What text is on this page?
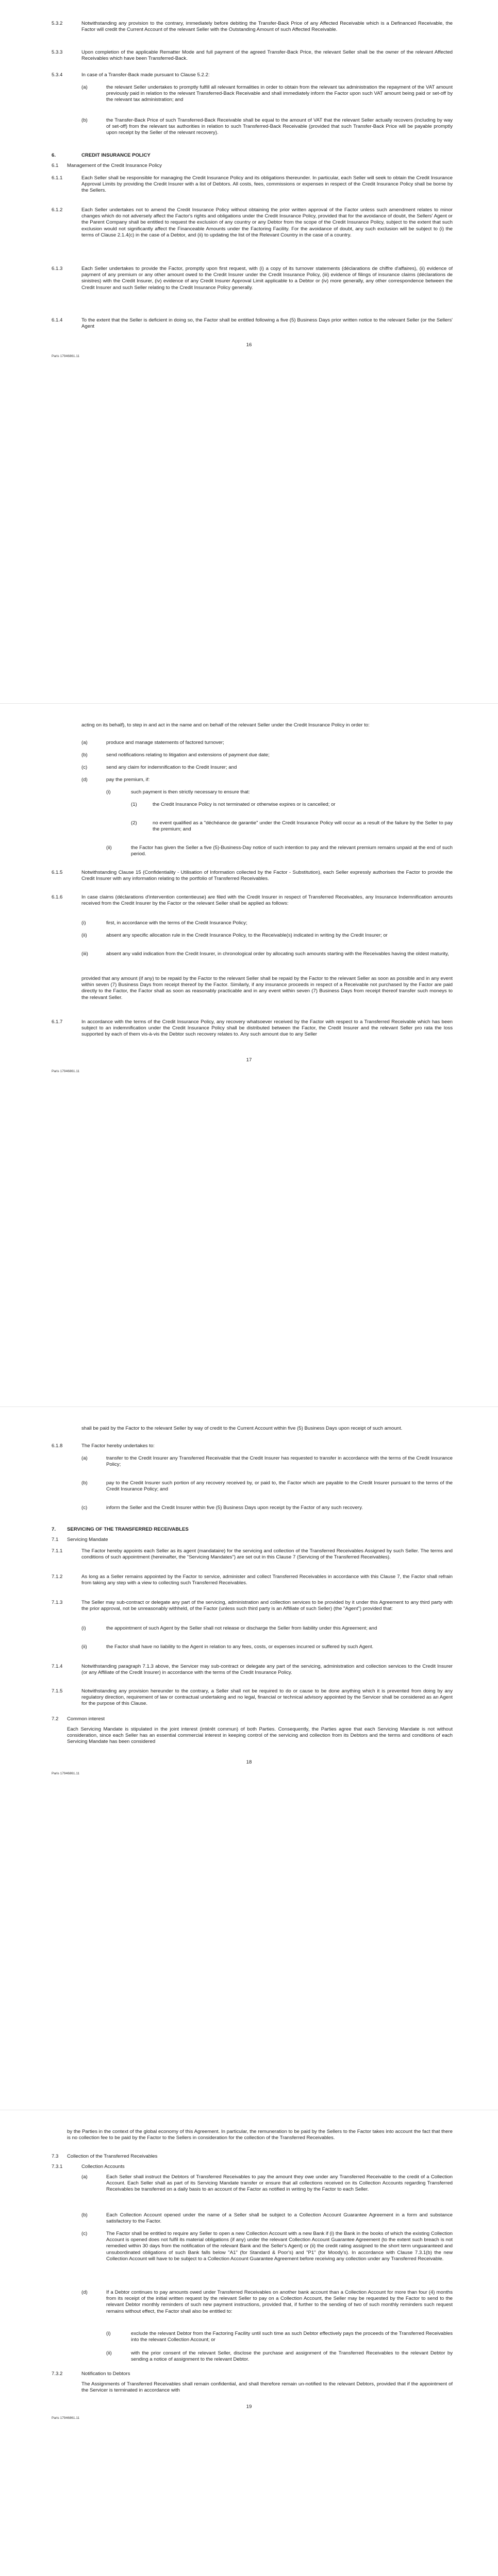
5.3.2	Notwithstanding any provision to the contrary, immediately before debiting the Transfer-Back Price of any Affected Receivable which is a Definanced Receivable, the Factor will credit the Current Account of the relevant Seller with the Outstanding Amount of such Affected Receivable.
5.3.3	Upon completion of the applicable Rematter Mode and full payment of the agreed Transfer-Back Price, the relevant Seller shall be the owner of the relevant Affected Receivables which have been Transferred-Back.
5.3.4	In case of a Transfer-Back made pursuant to Clause 5.2.2:
(a)	the relevant Seller undertakes to promptly fulfill all relevant formalities in order to obtain from the relevant tax administration the repayment of the VAT amount previously paid in relation to the relevant Transferred-Back Receivable and shall immediately inform the Factor upon such VAT amount being paid or set-off by the relevant tax administration; and
(b)	the Transfer-Back Price of such Transferred-Back Receivable shall be equal to the amount of VAT that the relevant Seller actually recovers (including by way of set-off) from the relevant tax authorities in relation to such Transferred-Back Receivable (provided that such Transfer-Back Price will be payable promptly upon receipt by the Seller of the relevant recovery).
6.	CREDIT INSURANCE POLICY
6.1 Management of the Credit Insurance Policy
6.1.1	Each Seller shall be responsible for managing the Credit Insurance Policy and its obligations thereunder. In particular, each Seller will seek to obtain the Credit Insurance Approval Limits by providing the Credit Insurer with a list of Debtors. All costs, fees, commissions or expenses in respect of the Credit Insurance Policy shall be borne by the Sellers.
6.1.2	Each Seller undertakes not to amend the Credit Insurance Policy without obtaining the prior written approval of the Factor unless such amendment relates to minor changes which do not adversely affect the Factor's rights and obligations under the Credit Insurance Policy, provided that for the avoidance of doubt, the Sellers' Agent or the Parent Company shall be entitled to request the exclusion of any country or any Debtor from the scope of the Credit Insurance Policy, subject to the extent that such exclusion would not significantly affect the Financeable Amounts under the Factoring Facility. For the avoidance of doubt, any such exclusion will be subject to (i) the terms of Clause 2.1.4(c) in the case of a Debtor, and (ii) to updating the list of the Relevant Country in the case of a country.
6.1.3	Each Seller undertakes to provide the Factor, promptly upon first request, with (i) a copy of its turnover statements (déclarations de chiffre d'affaires), (ii) evidence of payment of any premium or any other amount owed to the Credit Insurer under the Credit Insurance Policy, (iii) evidence of filings of insurance claims (déclarations de sinistres) with the Credit Insurer, (iv) evidence of any Credit Insurer Approval Limit applicable to a Debtor or (iv) more generally, any other correspondence between the Credit Insurer and such Seller relating to the Credit Insurance Policy generally.
6.1.4	To the extent that the Seller is deficient in doing so, the Factor shall be entitled following a five (5) Business Days prior written notice to the relevant Seller (or the Sellers' Agent
16
Paris 17946861.11
acting on its behalf), to step in and act in the name and on behalf of the relevant Seller under the Credit Insurance Policy in order to:
(a)	produce and manage statements of factored turnover;
(b)	send notifications relating to litigation and extensions of payment due date;
(c)	send any claim for indemnification to the Credit Insurer; and
(d)	pay the premium, if:
(i)	such payment is then strictly necessary to ensure that:
(1)	the Credit Insurance Policy is not terminated or otherwise expires or is cancelled; or
(2)	no event qualified as a "déchéance de garantie" under the Credit Insurance Policy will occur as a result of the failure by the Seller to pay the premium; and
(ii)	the Factor has given the Seller a five (5)-Business-Day notice of such intention to pay and the relevant premium remains unpaid at the end of such period.
6.1.5	Notwithstanding Clause 15 (Confidentiality - Utilisation of Information collected by the Factor - Substitution), each Seller expressly authorises the Factor to provide the Credit Insurer with any information relating to the portfolio of Transferred Receivables.
6.1.6	In case claims (déclarations d'intervention contentieuse) are filed with the Credit Insurer in respect of Transferred Receivables, any Insurance Indemnification amounts received from the Credit Insurer by the Factor or the relevant Seller shall be applied as follows:
(i)	first, in accordance with the terms of the Credit Insurance Policy;
(ii)	absent any specific allocation rule in the Credit Insurance Policy, to the Receivable(s) indicated in writing by the Credit Insurer; or
(iii)	absent any valid indication from the Credit Insurer, in chronological order by allocating such amounts starting with the Receivables having the oldest maturity,
provided that any amount (if any) to be repaid by the Factor to the relevant Seller shall be repaid by the Factor to the relevant Seller as soon as possible and in any event within seven (7) Business Days from receipt thereof by the Factor. Similarly, if any insurance proceeds in respect of a Receivable not purchased by the Factor are paid directly to the Factor, the Factor shall as soon as reasonably practicable and in any event within seven (7) Business Days from receipt thereof transfer such moneys to the relevant Seller.
6.1.7	In accordance with the terms of the Credit Insurance Policy, any recovery whatsoever received by the Factor with respect to a Transferred Receivable which has been subject to an indemnification under the Credit Insurance Policy shall be distributed between the Factor, the Credit Insurer and the relevant Seller pro rata the loss supported by each of them vis-à-vis the Debtor such recovery relates to. Any such amount due to any Seller
17
Paris 17946861.11
shall be paid by the Factor to the relevant Seller by way of credit to the Current Account within five (5) Business Days upon receipt of such amount.
6.1.8	The Factor hereby undertakes to:
(a)	transfer to the Credit Insurer any Transferred Receivable that the Credit Insurer has requested to transfer in accordance with the terms of the Credit Insurance Policy;
(b)	pay to the Credit Insurer such portion of any recovery received by, or paid to, the Factor which are payable to the Credit Insurer pursuant to the terms of the Credit Insurance Policy; and
(c)	inform the Seller and the Credit Insurer within five (5) Business Days upon receipt by the Factor of any such recovery.
7. SERVICING OF THE TRANSFERRED RECEIVABLES
7.1 Servicing Mandate
7.1.1	The Factor hereby appoints each Seller as its agent (mandataire) for the servicing and collection of the Transferred Receivables Assigned by such Seller. The terms and conditions of such appointment (hereinafter, the "Servicing Mandates") are set out in this Clause 7 (Servicing of the Transferred Receivables).
7.1.2	As long as a Seller remains appointed by the Factor to service, administer and collect Transferred Receivables in accordance with this Clause 7, the Factor shall refrain from taking any step with a view to collecting such Transferred Receivables.
7.1.3	The Seller may sub-contract or delegate any part of the servicing, administration and collection services to be provided by it under this Agreement to any third party with the prior approval, not be unreasonably withheld, of the Factor (unless such third party is an Affiliate of such Seller) (the "Agent") provided that:
(i)	the appointment of such Agent by the Seller shall not release or discharge the Seller from liability under this Agreement; and
(ii)	the Factor shall have no liability to the Agent in relation to any fees, costs, or expenses incurred or suffered by such Agent.
7.1.4	Notwithstanding paragraph 7.1.3 above, the Servicer may sub-contract or delegate any part of the servicing, administration and collection services to the Credit Insurer (or any Affiliate of the Credit Insurer) in accordance with the terms of the Credit Insurance Policy.
7.1.5	Notwithstanding any provision hereunder to the contrary, a Seller shall not be required to do or cause to be done anything which it is prevented from doing by any regulatory direction, requirement of law or contractual undertaking and no legal, financial or technical advisory appointed by the Servicer shall be considered as an Agent for the purpose of this Clause.
7.2 Common interest
Each Servicing Mandate is stipulated in the joint interest (intérêt commun) of both Parties. Consequently, the Parties agree that each Servicing Mandate is not without consideration, since each Seller has an essential commercial interest in keeping control of the servicing and collection from its Debtors and the terms and conditions of each Servicing Mandate has been considered
18
Paris 17946861.11
by the Parties in the context of the global economy of this Agreement. In particular, the remuneration to be paid by the Sellers to the Factor takes into account the fact that there is no collection fee to be paid by the Factor to the Sellers in consideration for the collection of the Transferred Receivables.
7.3 Collection of the Transferred Receivables
7.3.1	Collection Accounts
(a)	Each Seller shall instruct the Debtors of Transferred Receivables to pay the amount they owe under any Transferred Receivable to the credit of a Collection Account. Each Seller shall as part of its Servicing Mandate transfer or ensure that all collections received on its Collection Accounts regarding Transferred Receivables be transferred on a daily basis to an account of the Factor as notified in writing by the Factor to each Seller.
(b)	Each Collection Account opened under the name of a Seller shall be subject to a Collection Account Guarantee Agreement in a form and substance satisfactory to the Factor.
(c)	The Factor shall be entitled to require any Seller to open a new Collection Account with a new Bank if (i) the Bank in the books of which the existing Collection Account is opened does not fulfil its material obligations (if any) under the relevant Collection Account Guarantee Agreement (to the extent such breach is not remedied within 30 days from the notification of the relevant Bank and the Seller's Agent) or (ii) the credit rating assigned to the short term unguaranteed and unsubordinated obligations of such Bank falls below "A1" (for Standard & Poor's) and "P1" (for Moody's). In accordance with Clause 7.3.1(b) the new Collection Account will have to be subject to a Collection Account Guarantee Agreement before receiving any collection under any Transferred Receivable.
(d)	If a Debtor continues to pay amounts owed under Transferred Receivables on another bank account than a Collection Account for more than four (4) months from its receipt of the initial written request by the relevant Seller to pay on a Collection Account, the Seller may be requested by the Factor to send to the relevant Debtor monthly reminders of such new payment instructions, provided that, if further to the sending of two of such monthly reminders such request remains without effect, the Factor shall also be entitled to:
(i)	exclude the relevant Debtor from the Factoring Facility until such time as such Debtor effectively pays the proceeds of the Transferred Receivables into the relevant Collection Account; or
(ii)	with the prior consent of the relevant Seller, disclose the purchase and assignment of the Transferred Receivables to the relevant Debtor by sending a notice of assignment to the relevant Debtor.
7.3.2	Notification to Debtors
The Assignments of Transferred Receivables shall remain confidential, and shall therefore remain un-notified to the relevant Debtors, provided that if the appointment of the Servicer is terminated in accordance with
19
Paris 17946861.11
